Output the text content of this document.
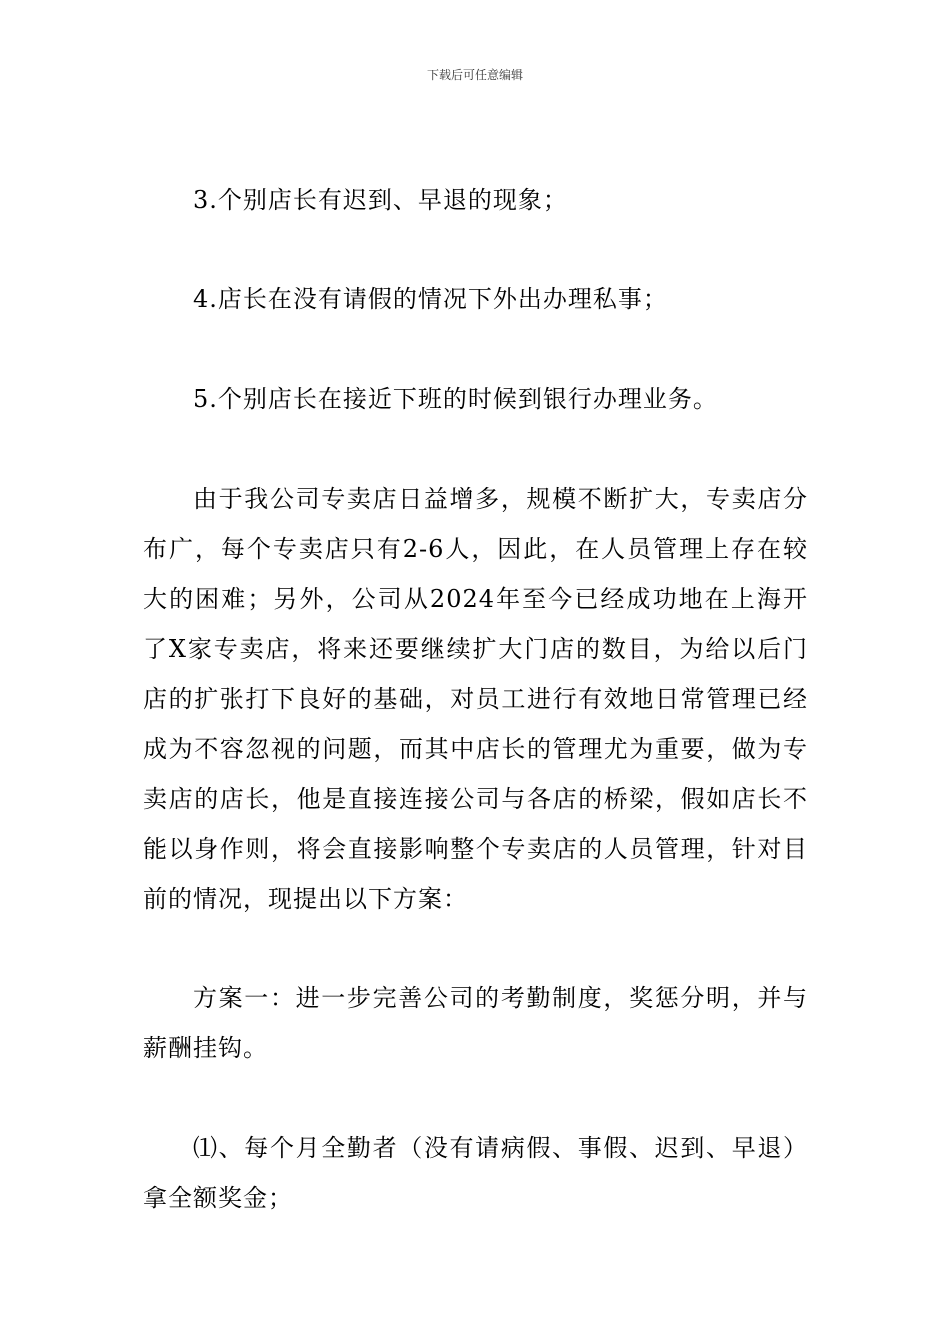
下载后可任意编辑

3.个别店长有迟到、早退的现象；

4.店长在没有请假的情况下外出办理私事；

5.个别店长在接近下班的时候到银行办理业务。

由于我公司专卖店日益增多，规模不断扩大，专卖店分布广，每个专卖店只有2-6人，因此，在人员管理上存在较大的困难；另外，公司从2024年至今已经成功地在上海开了X家专卖店，将来还要继续扩大门店的数目，为给以后门店的扩张打下良好的基础，对员工进行有效地日常管理已经成为不容忽视的问题，而其中店长的管理尤为重要，做为专卖店的店长，他是直接连接公司与各店的桥梁，假如店长不能以身作则，将会直接影响整个专卖店的人员管理，针对目前的情况，现提出以下方案：

方案一：进一步完善公司的考勤制度，奖惩分明，并与薪酬挂钩。

⑴、每个月全勤者（没有请病假、事假、迟到、早退）拿全额奖金；
